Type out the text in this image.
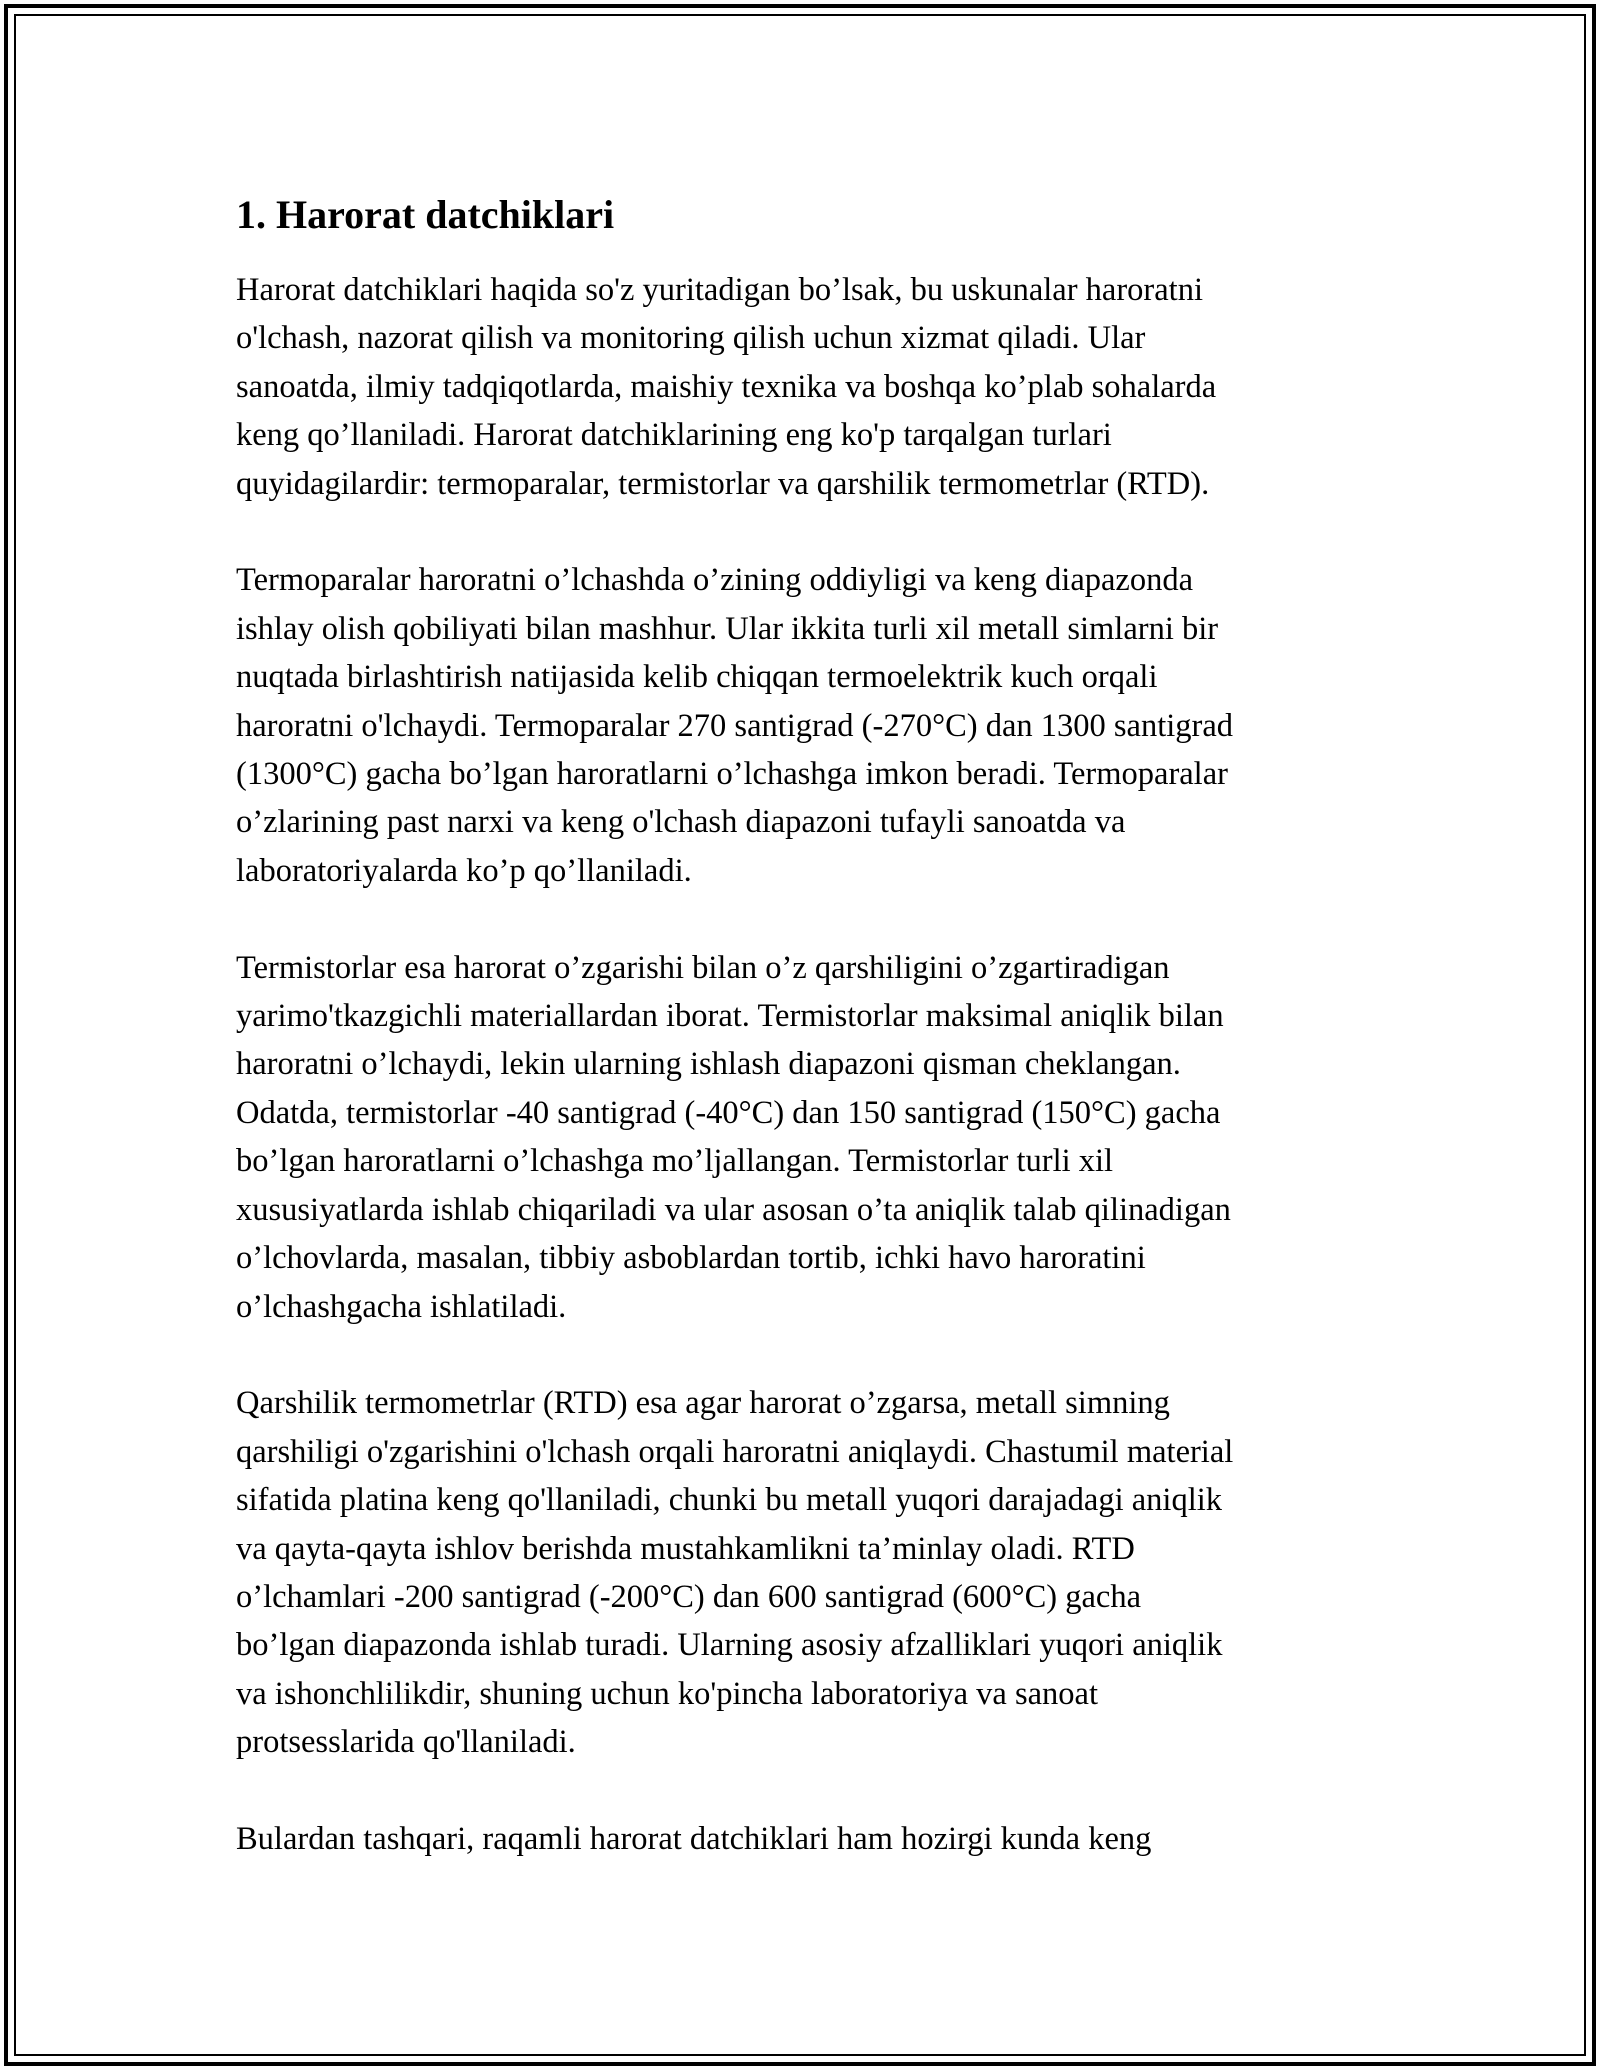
1. Harorat datchiklari

Harorat datchiklari haqida so'z yuritadigan bo’lsak, bu uskunalar haroratni
o'lchash, nazorat qilish va monitoring qilish uchun xizmat qiladi. Ular
sanoatda, ilmiy tadqiqotlarda, maishiy texnika va boshqa ko’plab sohalarda
keng qo’llaniladi. Harorat datchiklarining eng ko'p tarqalgan turlari
quyidagilardir: termoparalar, termistorlar va qarshilik termometrlar (RTD).

Termoparalar haroratni o’lchashda o’zining oddiyligi va keng diapazonda
ishlay olish qobiliyati bilan mashhur. Ular ikkita turli xil metall simlarni bir
nuqtada birlashtirish natijasida kelib chiqqan termoelektrik kuch orqali
haroratni o'lchaydi. Termoparalar 270 santigrad (-270°C) dan 1300 santigrad
(1300°C) gacha bo’lgan haroratlarni o’lchashga imkon beradi. Termoparalar
o’zlarining past narxi va keng o'lchash diapazoni tufayli sanoatda va
laboratoriyalarda ko’p qo’llaniladi.

Termistorlar esa harorat o’zgarishi bilan o’z qarshiligini o’zgartiradigan
yarimo'tkazgichli materiallardan iborat. Termistorlar maksimal aniqlik bilan
haroratni o’lchaydi, lekin ularning ishlash diapazoni qisman cheklangan.
Odatda, termistorlar -40 santigrad (-40°C) dan 150 santigrad (150°C) gacha
bo’lgan haroratlarni o’lchashga mo’ljallangan. Termistorlar turli xil
xususiyatlarda ishlab chiqariladi va ular asosan o’ta aniqlik talab qilinadigan
o’lchovlarda, masalan, tibbiy asboblardan tortib, ichki havo haroratini
o’lchashgacha ishlatiladi.

Qarshilik termometrlar (RTD) esa agar harorat o’zgarsa, metall simning
qarshiligi o'zgarishini o'lchash orqali haroratni aniqlaydi. Chastumil material
sifatida platina keng qo'llaniladi, chunki bu metall yuqori darajadagi aniqlik
va qayta-qayta ishlov berishda mustahkamlikni ta’minlay oladi. RTD
o’lchamlari -200 santigrad (-200°C) dan 600 santigrad (600°C) gacha
bo’lgan diapazonda ishlab turadi. Ularning asosiy afzalliklari yuqori aniqlik
va ishonchlilikdir, shuning uchun ko'pincha laboratoriya va sanoat
protsesslarida qo'llaniladi.

Bulardan tashqari, raqamli harorat datchiklari ham hozirgi kunda keng
